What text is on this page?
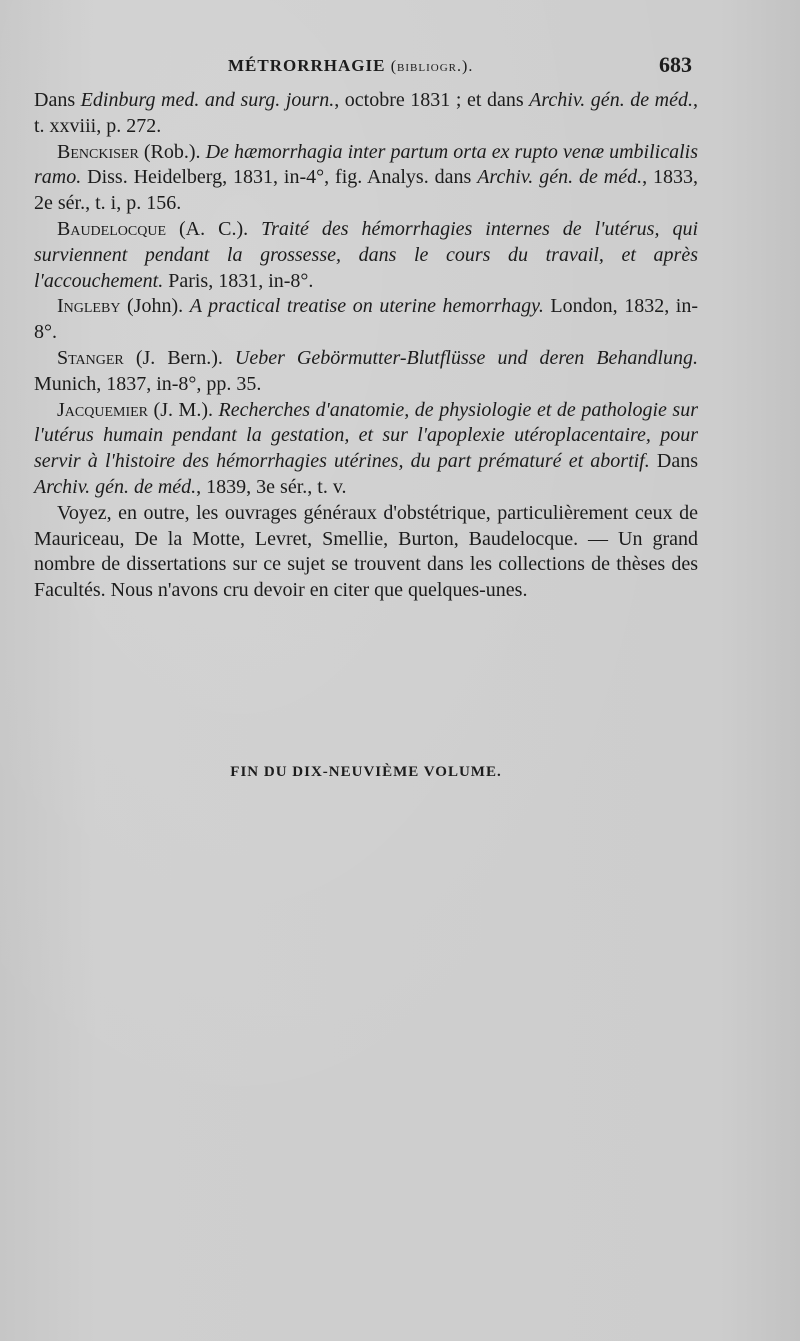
MÉTRORRHAGIE (bibliogr.).	683

Dans Edinburg med. and surg. journ., octobre 1831 ; et dans Archiv. gén. de méd., t. xxviii, p. 272.

Benckiser (Rob.). De hæmorrhagia inter partum orta ex rupto venæ umbilicalis ramo. Diss. Heidelberg, 1831, in-4°, fig. Analys. dans Archiv. gén. de méd., 1833, 2e sér., t. i, p. 156.

Baudelocque (A. C.). Traité des hémorrhagies internes de l'utérus, qui surviennent pendant la grossesse, dans le cours du travail, et après l'accouchement. Paris, 1831, in-8°.

Ingleby (John). A practical treatise on uterine hemorrhagy. London, 1832, in-8°.

Stanger (J. Bern.). Ueber Gebörmutter-Blutflüsse und deren Behandlung. Munich, 1837, in-8°, pp. 35.

Jacquemier (J. M.). Recherches d'anatomie, de physiologie et de pathologie sur l'utérus humain pendant la gestation, et sur l'apoplexie utéroplacentaire, pour servir à l'histoire des hémorrhagies utérines, du part prématuré et abortif. Dans Archiv. gén. de méd., 1839, 3e sér., t. v.

Voyez, en outre, les ouvrages généraux d'obstétrique, particulièrement ceux de Mauriceau, De la Motte, Levret, Smellie, Burton, Baudelocque. — Un grand nombre de dissertations sur ce sujet se trouvent dans les collections de thèses des Facultés. Nous n'avons cru devoir en citer que quelques-unes.

FIN DU DIX-NEUVIÈME VOLUME.
